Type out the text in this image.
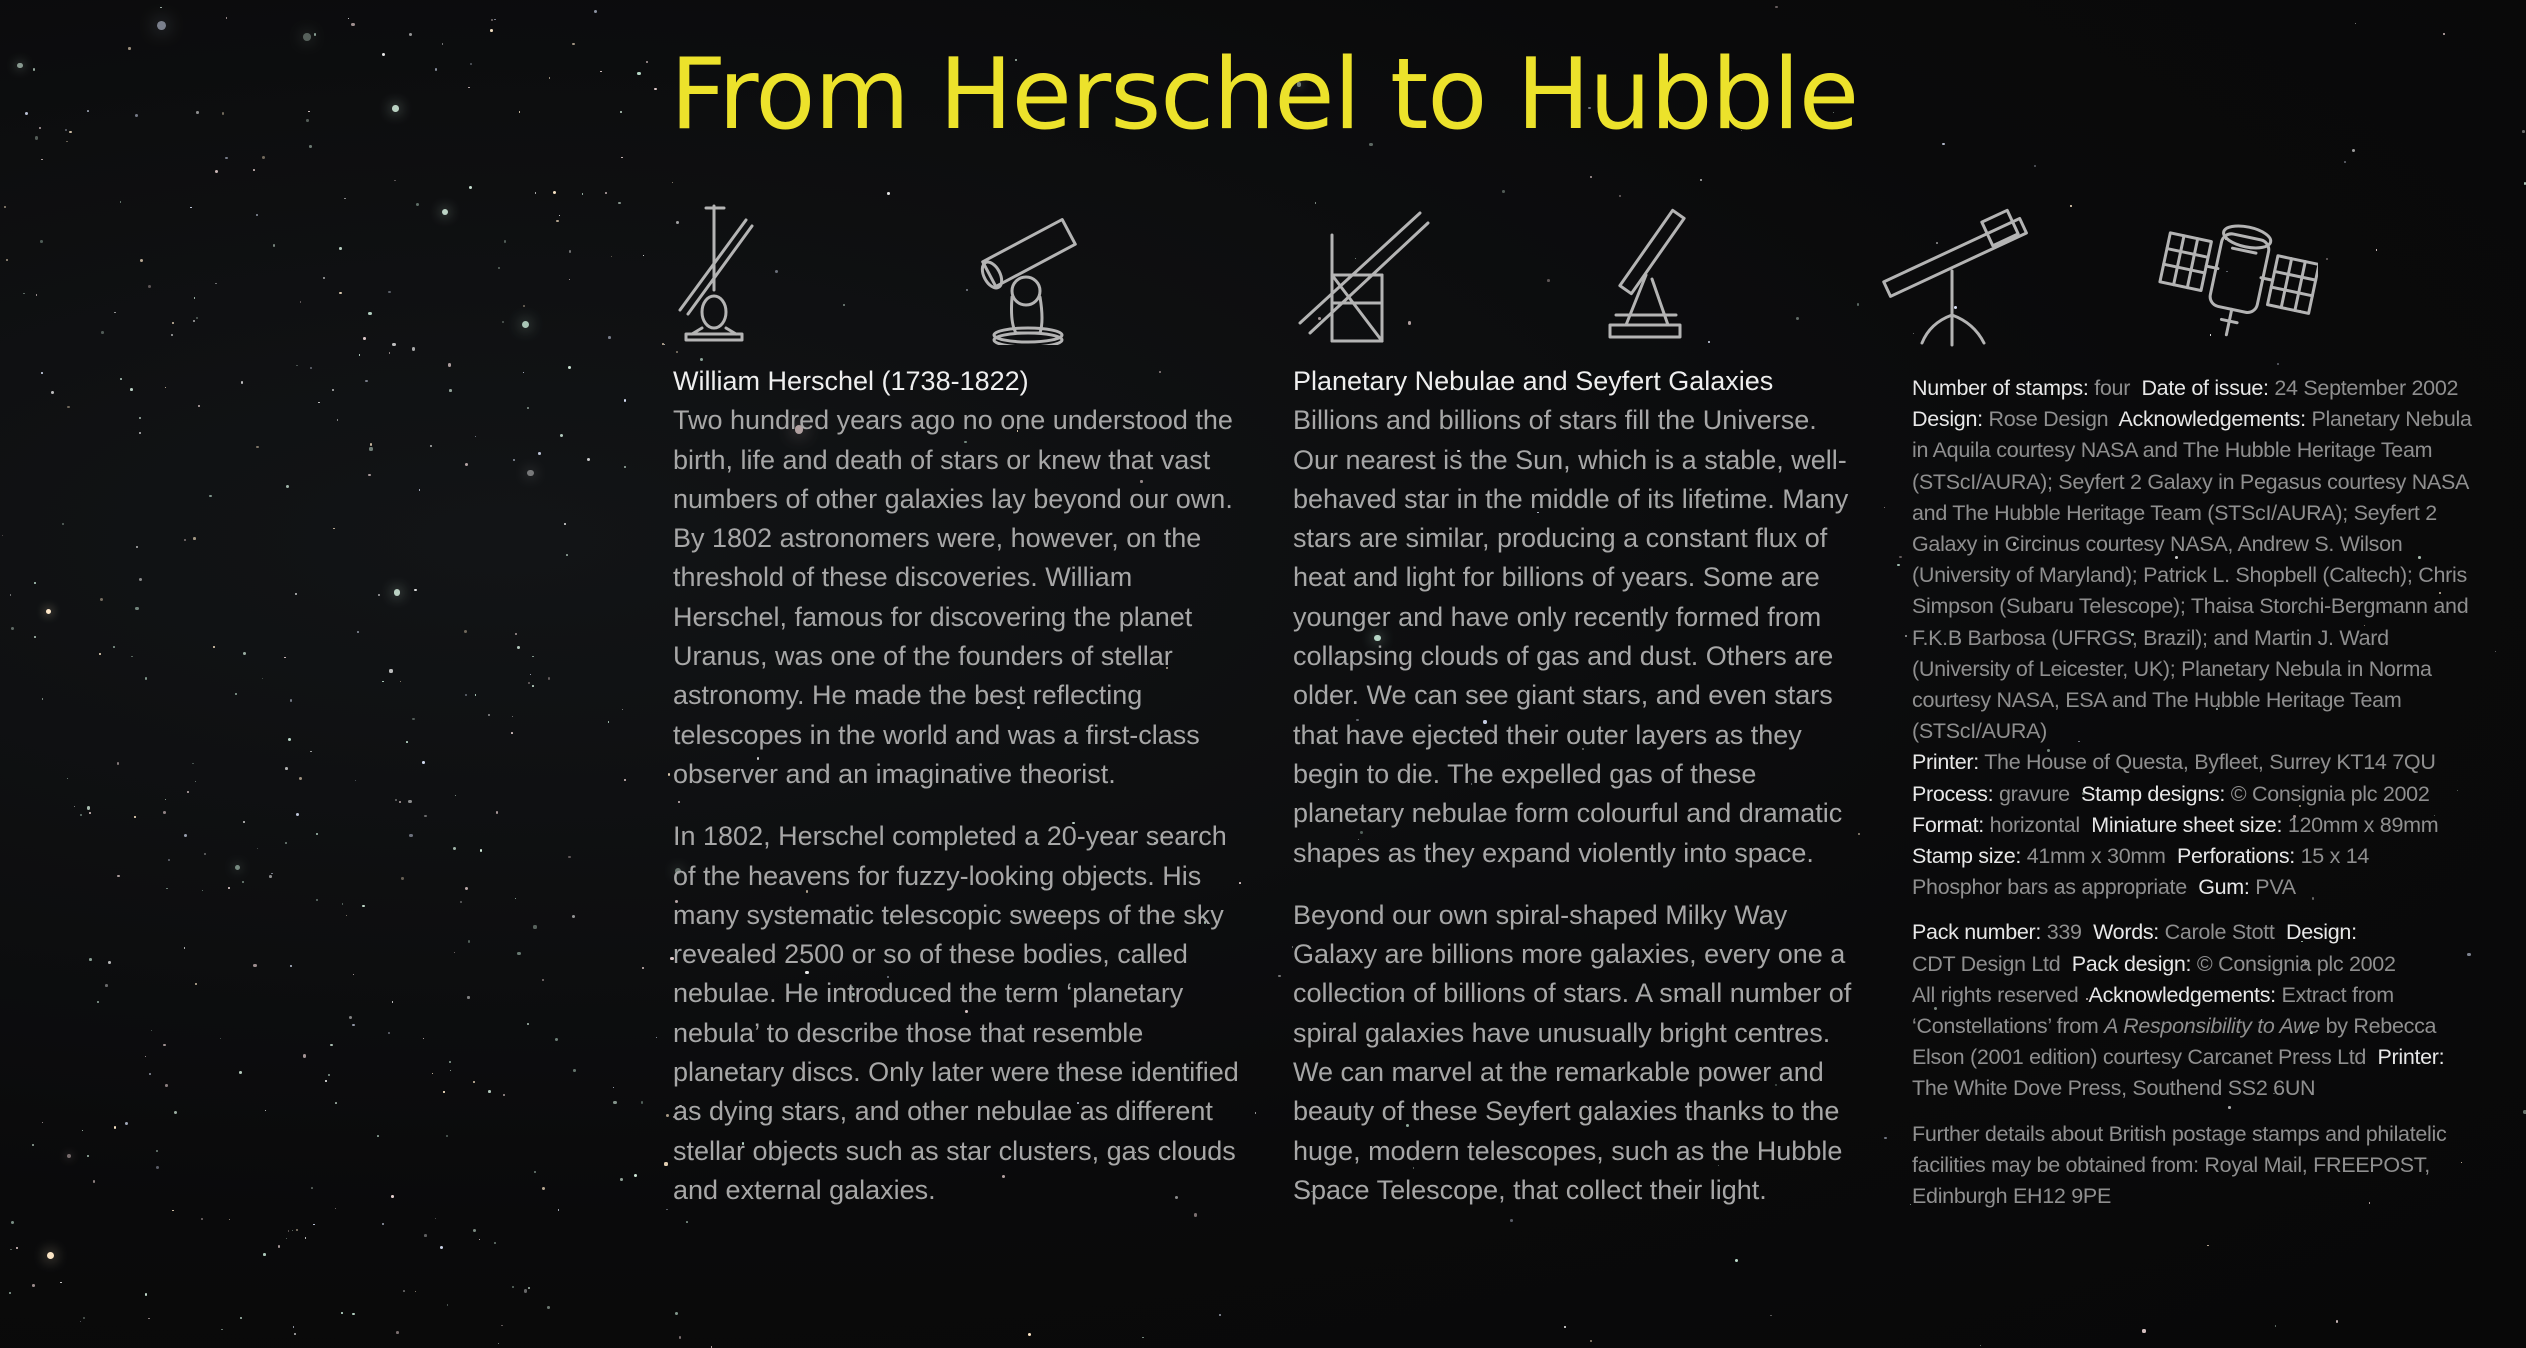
From Herschel to Hubble
William Herschel (1738-1822)

Two hundred years ago no one understood the birth, life and death of stars or knew that vast numbers of other galaxies lay beyond our own. By 1802 astronomers were, however, on the threshold of these discoveries. William Herschel, famous for discovering the planet Uranus, was one of the founders of stellar astronomy. He made the best reflecting telescopes in the world and was a first-class observer and an imaginative theorist.

In 1802, Herschel completed a 20-year search of the heavens for fuzzy-looking objects. His many systematic telescopic sweeps of the sky revealed 2500 or so of these bodies, called nebulae. He introduced the term ‘planetary nebula’ to describe those that resemble planetary discs. Only later were these identified as dying stars, and other nebulae as different stellar objects such as star clusters, gas clouds and external galaxies.

Planetary Nebulae and Seyfert Galaxies

Billions and billions of stars fill the Universe. Our nearest is the Sun, which is a stable, well-behaved star in the middle of its lifetime. Many stars are similar, producing a constant flux of heat and light for billions of years. Some are younger and have only recently formed from collapsing clouds of gas and dust. Others are older. We can see giant stars, and even stars that have ejected their outer layers as they begin to die. The expelled gas of these planetary nebulae form colourful and dramatic shapes as they expand violently into space.

Beyond our own spiral-shaped Milky Way Galaxy are billions more galaxies, every one a collection of billions of stars. A small number of spiral galaxies have unusually bright centres. We can marvel at the remarkable power and beauty of these Seyfert galaxies thanks to the huge, modern telescopes, such as the Hubble Space Telescope, that collect their light.

Number of stamps: four Date of issue: 24 September 2002  Design: Rose Design Acknowledgements: Planetary Nebula in Aquila courtesy NASA and The Hubble Heritage Team (STScI/AURA); Seyfert 2 Galaxy in Pegasus courtesy NASA and The Hubble Heritage Team (STScI/AURA); Seyfert 2 Galaxy in Circinus courtesy NASA, Andrew S. Wilson (University of Maryland); Patrick L. Shopbell (Caltech); Chris Simpson (Subaru Telescope); Thaisa Storchi-Bergmann and F.K.B Barbosa (UFRGS, Brazil); and Martin J. Ward (University of Leicester, UK); Planetary Nebula in Norma courtesy NASA, ESA and The Hubble Heritage Team (STScI/AURA)
Printer: The House of Questa, Byfleet, Surrey KT14 7QU
Process: gravure Stamp designs: © Consignia plc 2002
Format: horizontal Miniature sheet size: 120mm x 89mm
Stamp size: 41mm x 30mm Perforations: 15 x 14
Phosphor bars as appropriate Gum: PVA

Pack number: 339 Words: Carole Stott Design:
CDT Design Ltd Pack design: © Consignia plc 2002
All rights reserved Acknowledgements: Extract from ‘Constellations’ from A Responsibility to Awe by Rebecca Elson (2001 edition) courtesy Carcanet Press Ltd Printer: The White Dove Press, Southend SS2 6UN

Further details about British postage stamps and philatelic facilities may be obtained from: Royal Mail, FREEPOST, Edinburgh EH12 9PE
